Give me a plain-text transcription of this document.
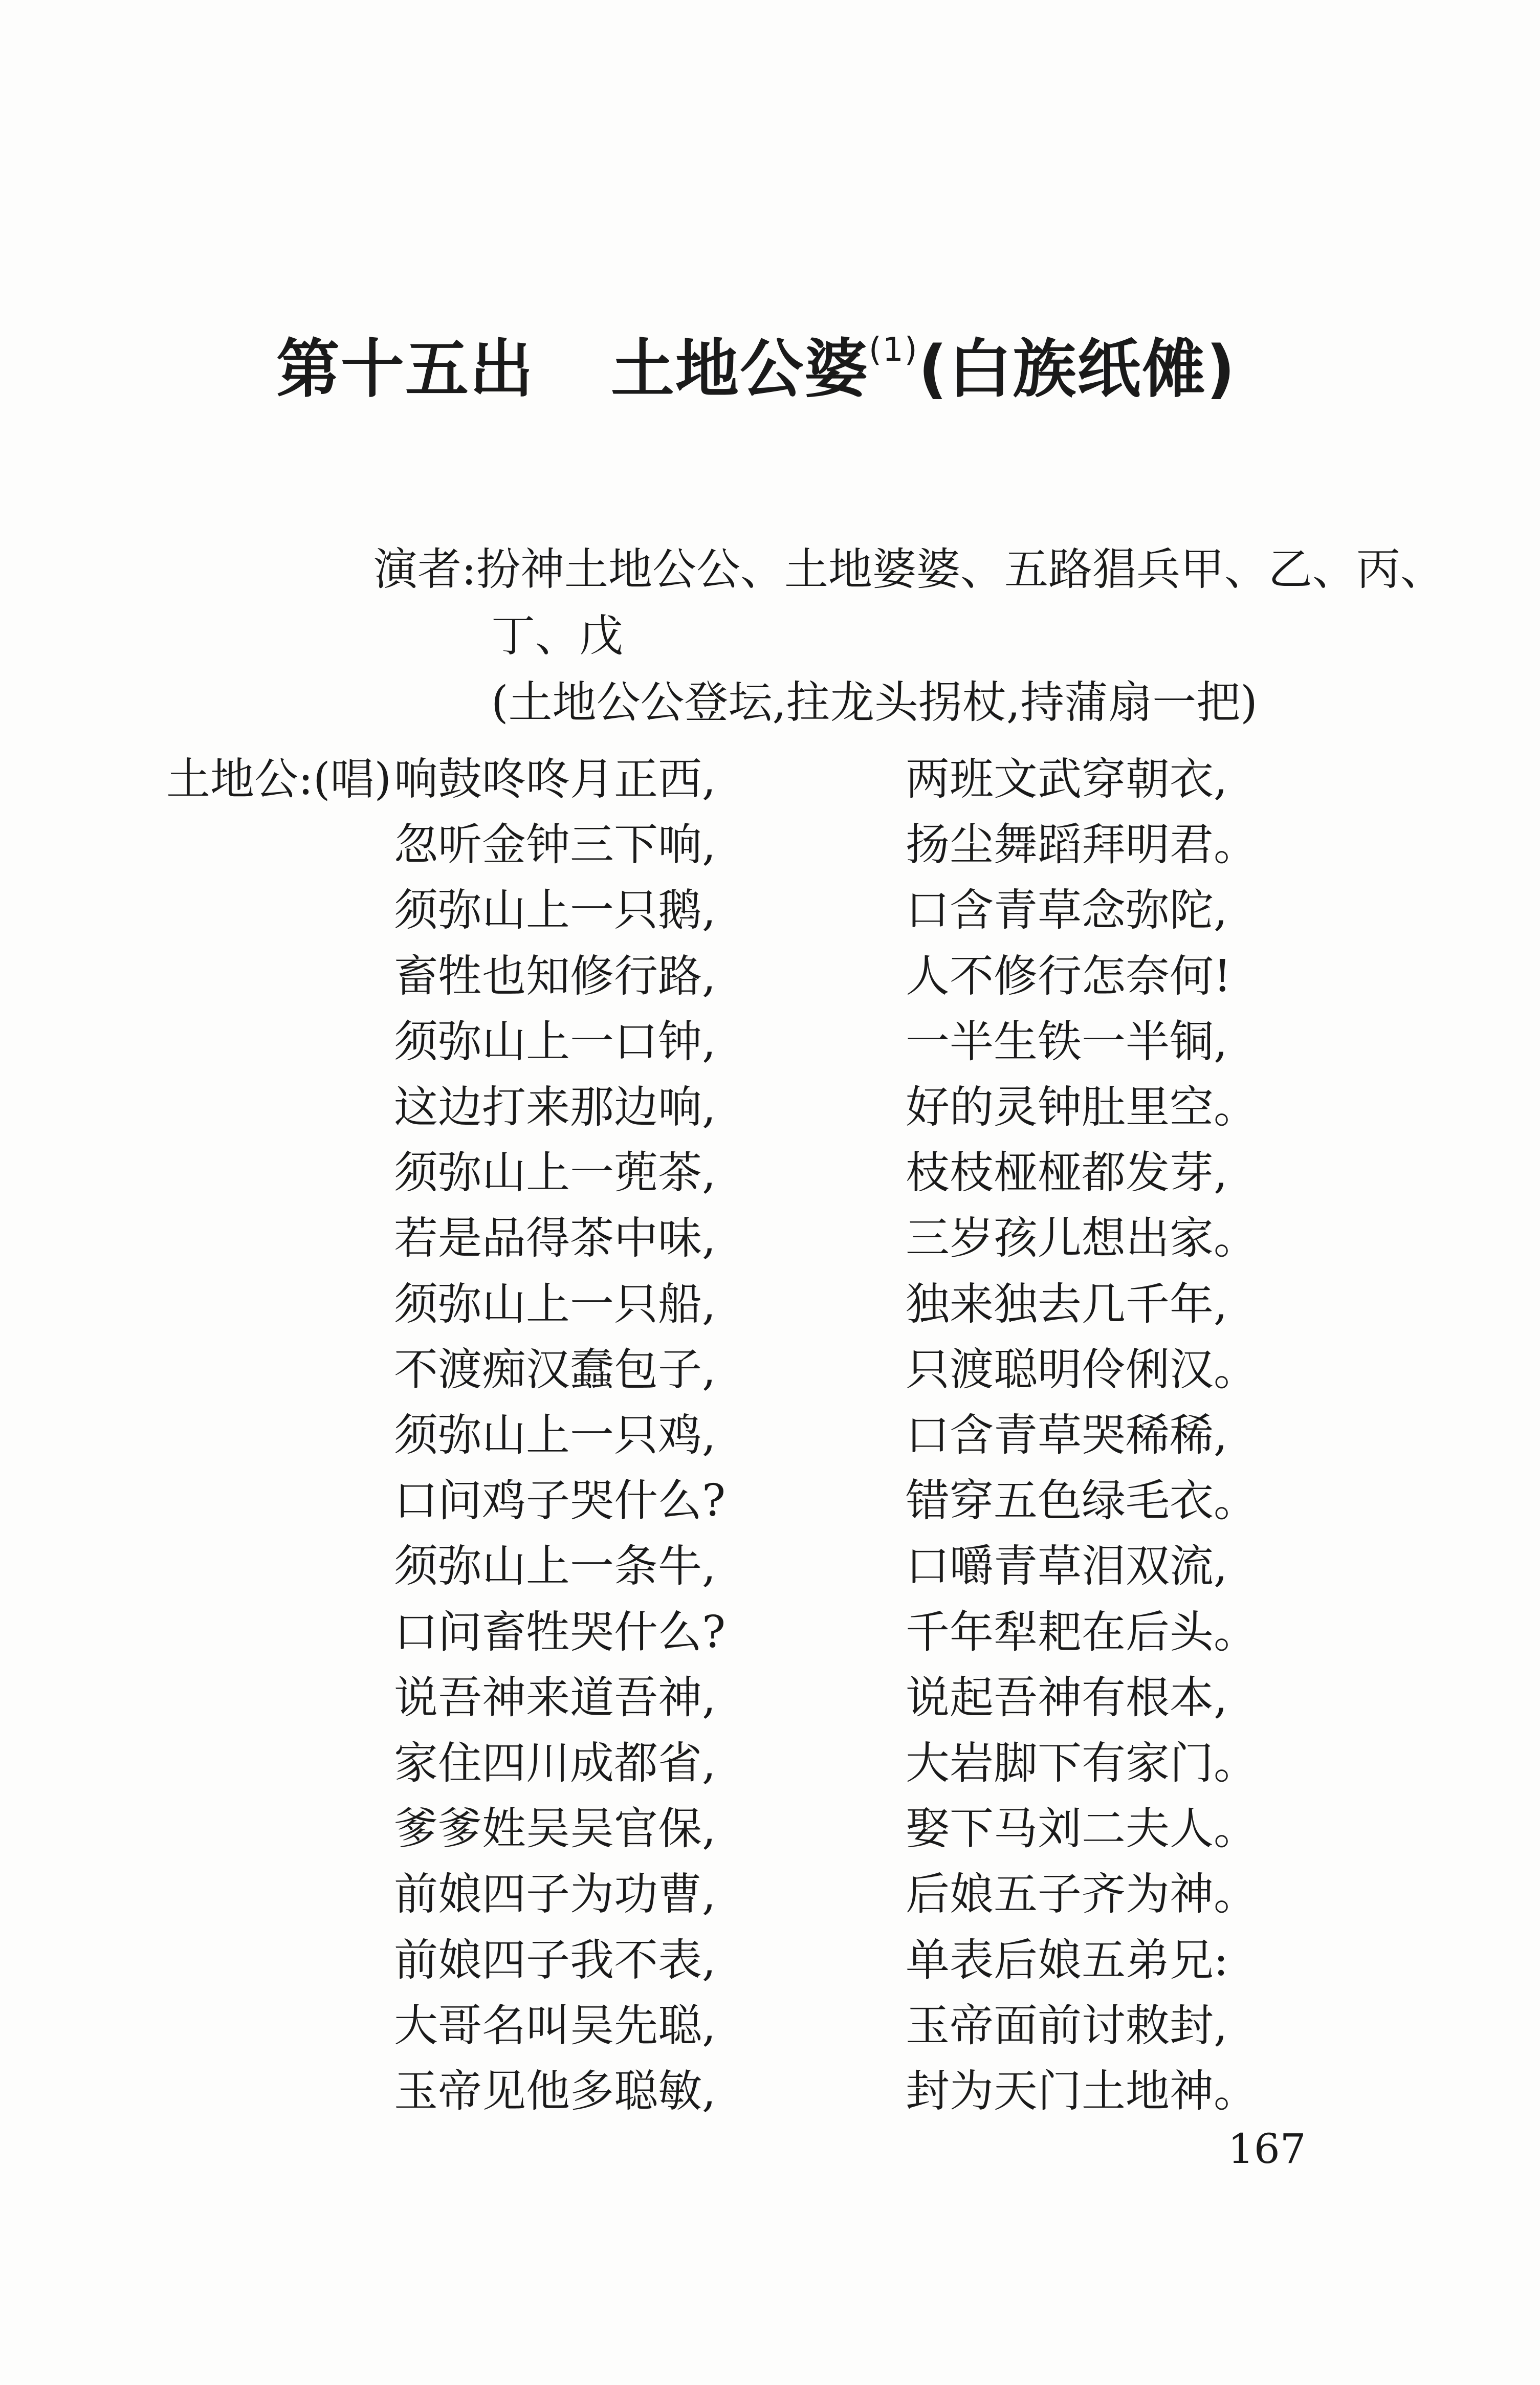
第十五出 土地公婆$^{(1)}$(白族纸傩)
演者:扮神土地公公、土地婆婆、五路猖兵甲、乙、丙、
丁、戊
(土地公公登坛,拄龙头拐杖,持蒲扇一把)
土地公:(唱) 响鼓咚咚月正西,	两班文武穿朝衣,
忽听金钟三下响,	扬尘舞蹈拜明君。
须弥山上一只鹅,	口含青草念弥陀,
畜牲也知修行路,	人不修行怎奈何!
须弥山上一口钟,	一半生铁一半铜,
这边打来那边响,	好的灵钟肚里空。
须弥山上一蔸茶,	枝枝桠桠都发芽,
若是品得茶中味,	三岁孩儿想出家。
须弥山上一只船,	独来独去几千年,
不渡痴汉蠢包子,	只渡聪明伶俐汉。
须弥山上一只鸡,	口含青草哭稀稀,
口问鸡子哭什么?	错穿五色绿毛衣。
须弥山上一条牛,	口嚼青草泪双流,
口问畜牲哭什么?	千年犁耙在后头。
说吾神来道吾神,	说起吾神有根本,
家住四川成都省,	大岩脚下有家门。
爹爹姓吴吴官保,	娶下马刘二夫人。
前娘四子为功曹,	后娘五子齐为神。
前娘四子我不表,	单表后娘五弟兄:
大哥名叫吴先聪,	玉帝面前讨敕封,
玉帝见他多聪敏,	封为天门土地神。
167
